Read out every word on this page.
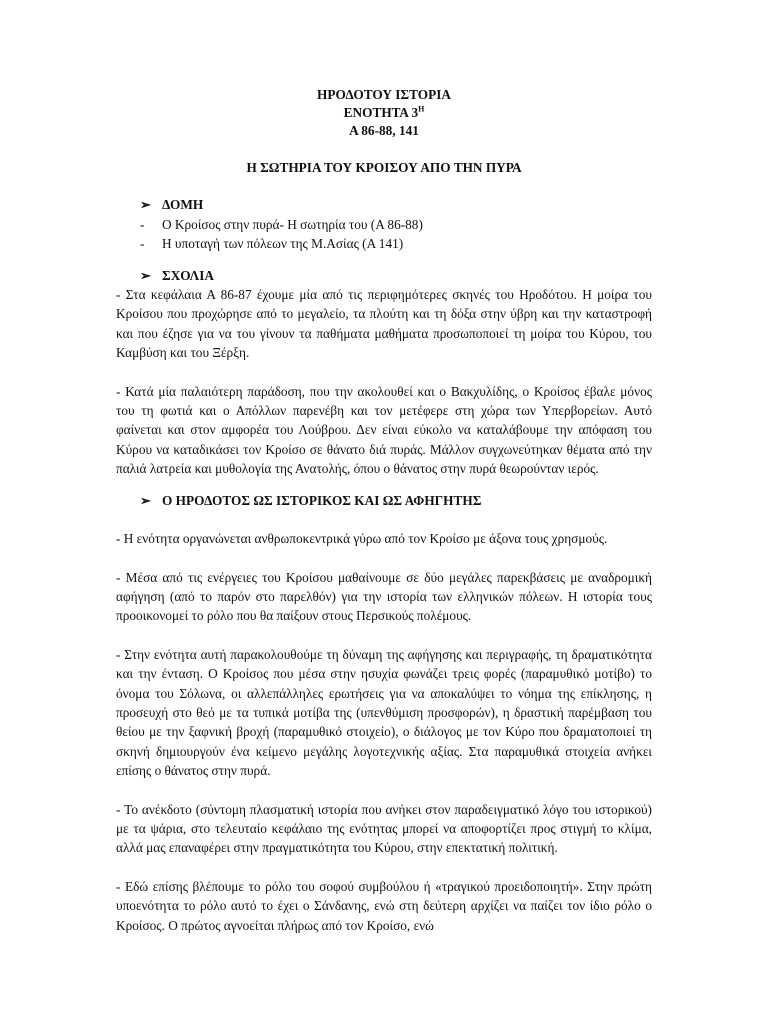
ΗΡΟΔΟΤΟΥ ΙΣΤΟΡΙΑ
ΕΝΟΤΗΤΑ $3^H$
Α 86-88, 141
Η ΣΩΤΗΡΙΑ ΤΟΥ ΚΡΟΙΣΟΥ ΑΠΟ ΤΗΝ ΠΥΡΑ
➢ ΔΟΜΗ
-	Ο Κροίσος στην πυρά- Η σωτηρία του (Α 86-88)
-	Η υποταγή των πόλεων της Μ.Ασίας (Α 141)
➢ ΣΧΟΛΙΑ

- Στα κεφάλαια Α 86-87 έχουμε μία από τις περιφημότερες σκηνές του Ηροδότου. Η μοίρα του Κροίσου που προχώρησε από το μεγαλείο, τα πλούτη και τη δόξα στην ύβρη και την καταστροφή και που έζησε για να του γίνουν τα παθήματα μαθήματα προσωποποιεί τη μοίρα του Κύρου, του Καμβύση και του Ξέρξη.

- Κατά μία παλαιότερη παράδοση, που την ακολουθεί και ο Βακχυλίδης, ο Κροίσος έβαλε μόνος του τη φωτιά και ο Απόλλων παρενέβη και τον μετέφερε στη χώρα των Υπερβορείων. Αυτό φαίνεται και στον αμφορέα του Λούβρου. Δεν είναι εύκολο να καταλάβουμε την απόφαση του Κύρου να καταδικάσει τον Κροίσο σε θάνατο διά πυράς. Μάλλον συγχωνεύτηκαν θέματα από την παλιά λατρεία και μυθολογία της Ανατολής, όπου ο θάνατος στην πυρά θεωρούνταν ιερός.

➢ Ο ΗΡΟΔΟΤΟΣ ΩΣ ΙΣΤΟΡΙΚΟΣ ΚΑΙ ΩΣ ΑΦΗΓΗΤΗΣ

- Η ενότητα οργανώνεται ανθρωποκεντρικά γύρω από τον Κροίσο με άξονα τους χρησμούς.

- Μέσα από τις ενέργειες του Κροίσου μαθαίνουμε σε δύο μεγάλες παρεκβάσεις με αναδρομική αφήγηση (από το παρόν στο παρελθόν) για την ιστορία των ελληνικών πόλεων. Η ιστορία τους προοικονομεί το ρόλο που θα παίξουν στους Περσικούς πολέμους.

- Στην ενότητα αυτή παρακολουθούμε τη δύναμη της αφήγησης και περιγραφής, τη δραματικότητα και την ένταση. Ο Κροίσος που μέσα στην ησυχία φωνάζει τρεις φορές (παραμυθικό μοτίβο) το όνομα του Σόλωνα, οι αλλεπάλληλες ερωτήσεις για να αποκαλύψει το νόημα της επίκλησης, η προσευχή στο θεό με τα τυπικά μοτίβα της (υπενθύμιση προσφορών), η δραστική παρέμβαση του θείου με την ξαφνική βροχή (παραμυθικό στοιχείο), ο διάλογος με τον Κύρο που δραματοποιεί τη σκηνή δημιουργούν ένα κείμενο μεγάλης λογοτεχνικής αξίας. Στα παραμυθικά στοιχεία ανήκει επίσης ο θάνατος στην πυρά.

- Το ανέκδοτο (σύντομη πλασματική ιστορία που ανήκει στον παραδειγματικό λόγο του ιστορικού) με τα ψάρια, στο τελευταίο κεφάλαιο της ενότητας μπορεί να αποφορτίζει προς στιγμή το κλίμα, αλλά μας επαναφέρει στην πραγματικότητα του Κύρου, στην επεκτατική πολιτική.

- Εδώ επίσης βλέπουμε το ρόλο του σοφού συμβούλου ή «τραγικού προειδοποιητή». Στην πρώτη υποενότητα το ρόλο αυτό το έχει ο Σάνδανης, ενώ στη δεύτερη αρχίζει να παίζει τον ίδιο ρόλο ο Κροίσος. Ο πρώτος αγνοείται πλήρως από τον Κροίσο, ενώ
